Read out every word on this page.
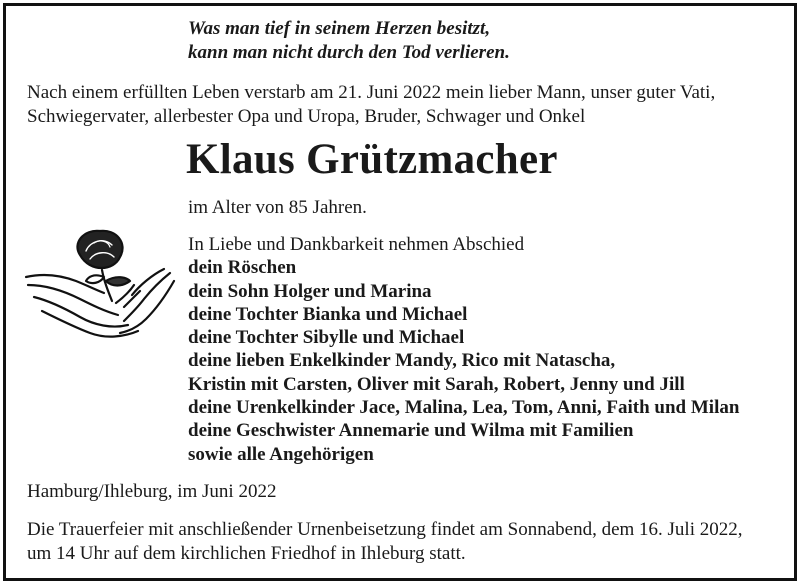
Was man tief in seinem Herzen besitzt,
kann man nicht durch den Tod verlieren.
Nach einem erfüllten Leben verstarb am 21. Juni 2022 mein lieber Mann, unser guter Vati,
Schwiegervater, allerbester Opa und Uropa, Bruder, Schwager und Onkel
Klaus Grützmacher
im Alter von 85 Jahren.
In Liebe und Dankbarkeit nehmen Abschied
dein Röschen
dein Sohn Holger und Marina
deine Tochter Bianka und Michael
deine Tochter Sibylle und Michael
deine lieben Enkelkinder Mandy, Rico mit Natascha,
Kristin mit Carsten, Oliver mit Sarah, Robert, Jenny und Jill
deine Urenkelkinder Jace, Malina, Lea, Tom, Anni, Faith und Milan
deine Geschwister Annemarie und Wilma mit Familien
sowie alle Angehörigen
Hamburg/Ihleburg, im Juni 2022
Die Trauerfeier mit anschließender Urnenbeisetzung findet am Sonnabend, dem 16. Juli 2022,
um 14 Uhr auf dem kirchlichen Friedhof in Ihleburg statt.
